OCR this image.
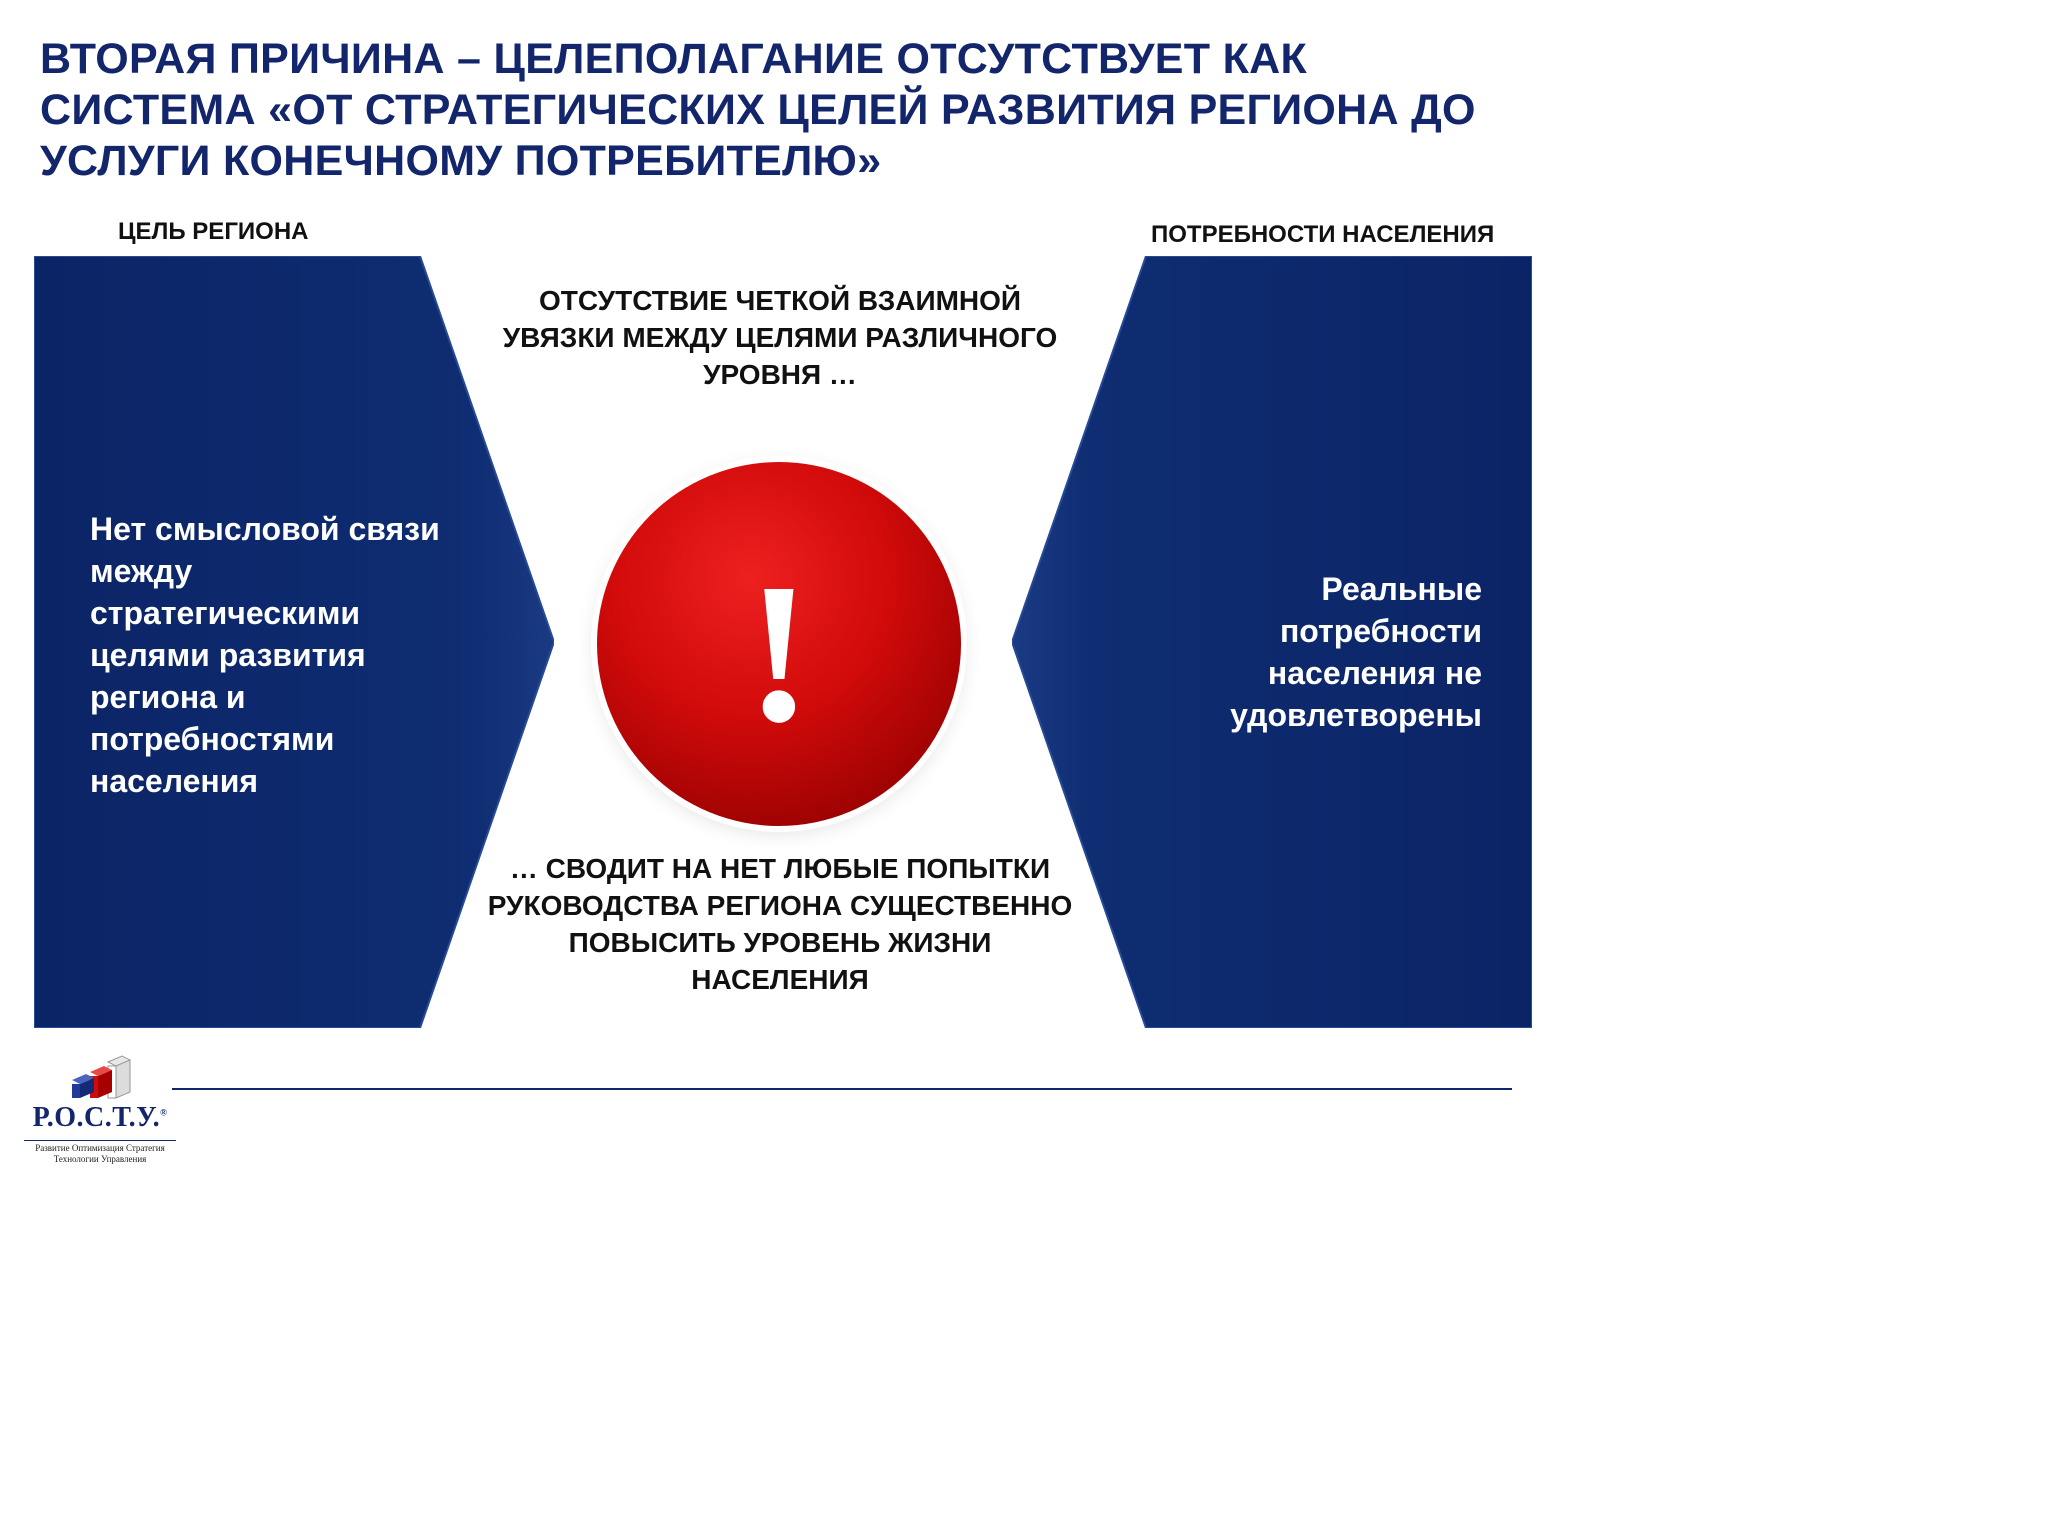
ВТОРАЯ ПРИЧИНА – ЦЕЛЕПОЛАГАНИЕ ОТСУТСТВУЕТ КАК СИСТЕМА «ОТ СТРАТЕГИЧЕСКИХ ЦЕЛЕЙ РАЗВИТИЯ РЕГИОНА ДО УСЛУГИ КОНЕЧНОМУ ПОТРЕБИТЕЛЮ»
ЦЕЛЬ РЕГИОНА	ПОТРЕБНОСТИ НАСЕЛЕНИЯ

Нет смысловой связи между стратегическими целями развития региона и потребностями населения

Реальные потребности населения не удовлетворены

ОТСУТСТВИЕ ЧЕТКОЙ ВЗАИМНОЙ УВЯЗКИ МЕЖДУ ЦЕЛЯМИ РАЗЛИЧНОГО УРОВНЯ …

!

… СВОДИТ НА НЕТ ЛЮБЫЕ ПОПЫТКИ РУКОВОДСТВА РЕГИОНА СУЩЕСТВЕННО ПОВЫСИТЬ УРОВЕНЬ ЖИЗНИ НАСЕЛЕНИЯ

Р.О.С.Т.У.®
Развитие Оптимизация Стратегия Технологии Управления
